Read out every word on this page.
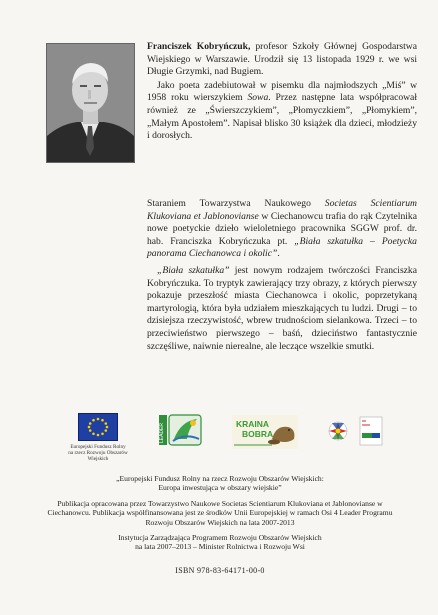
Franciszek Kobryńczuk, profesor Szkoły Głównej Gospodarstwa Wiejskiego w Warszawie. Urodził się 13 listopada 1929 r. we wsi Długie Grzymki, nad Bugiem.

Jako poeta zadebiutował w pisemku dla najmłodszych „Miś” w 1958 roku wierszykiem Sowa. Przez następne lata współpracował również ze „Świerszczykiem”, „Płomyczkiem”, „Płomykiem”, „Małym Apostołem”. Napisał blisko 30 książek dla dzieci, młodzieży i dorosłych.

Staraniem Towarzystwa Naukowego Societas Scientiarum Klukoviana et Jablonovianse w Ciechanowcu trafia do rąk Czytelnika nowe poetyckie dzieło wieloletniego pracownika SGGW prof. dr. hab. Franciszka Kobryńczuka pt. „Biała szkatułka – Poetycka panorama Ciechanowca i okolic”.

„Biała szkatułka” jest nowym rodzajem twórczości Franciszka Kobryńczuka. To tryptyk zawierający trzy obrazy, z których pierwszy pokazuje przeszłość miasta Ciechanowca i okolic, poprzetykaną martyrologią, która była udziałem mieszkających tu ludzi. Drugi – to dzisiejsza rzeczywistość, wbrew trudnościom sielankowa. Trzeci – to przeciwieństwo pierwszego – baśń, dzieciństwo fantastycznie szczęśliwe, naiwnie nierealne, ale leczące wszelkie smutki.

Europejski Fundusz Rolny
na rzecz Rozwoju Obszarów Wiejskich
LEADER	KRAINA
BOBRA

„Europejski Fundusz Rolny na rzecz Rozwoju Obszarów Wiejskich:
Europa inwestująca w obszary wiejskie”

Publikacja opracowana przez Towarzystwo Naukowe Societas Scientiarum Klukoviana et Jablonovianse w Ciechanowcu. Publikacja współfinansowana jest ze środków Unii Europejskiej w ramach Osi 4 Leader Programu Rozwoju Obszarów Wiejskich na lata 2007-2013

Instytucja Zarządzająca Programem Rozwoju Obszarów Wiejskich
na lata 2007–2013 – Minister Rolnictwa i Rozwoju Wsi

ISBN 978-83-64171-00-0
